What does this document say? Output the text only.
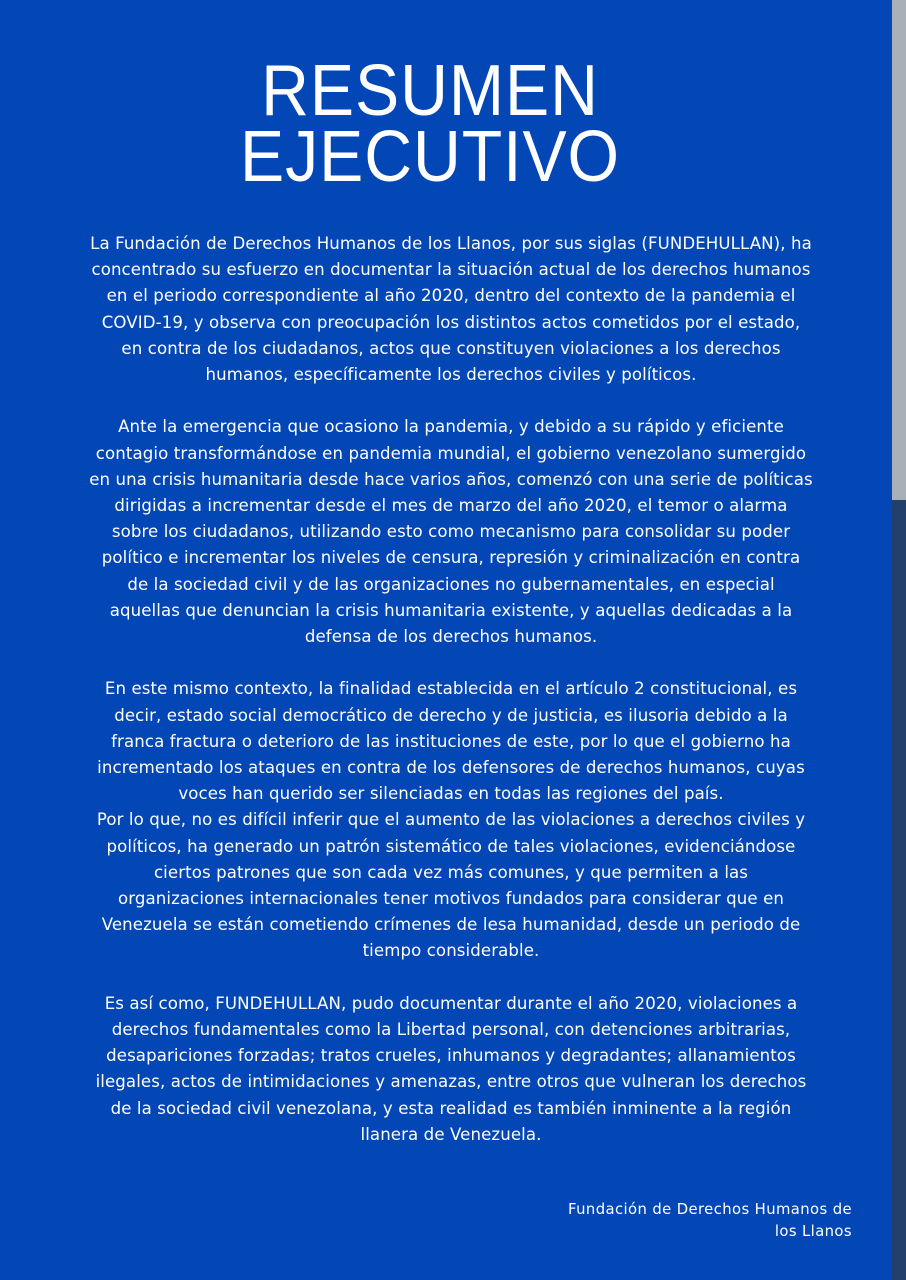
RESUMEN
EJECUTIVO

La Fundación de Derechos Humanos de los Llanos, por sus siglas (FUNDEHULLAN), ha
concentrado su esfuerzo en documentar la situación actual de los derechos humanos
en el periodo correspondiente al año 2020, dentro del contexto de la pandemia el
COVID-19, y observa con preocupación los distintos actos cometidos por el estado,
en contra de los ciudadanos, actos que constituyen violaciones a los derechos
humanos, específicamente los derechos civiles y políticos.

Ante la emergencia que ocasiono la pandemia, y debido a su rápido y eficiente
contagio transformándose en pandemia mundial, el gobierno venezolano sumergido
en una crisis humanitaria desde hace varios años, comenzó con una serie de políticas
dirigidas a incrementar desde el mes de marzo del año 2020, el temor o alarma
sobre los ciudadanos, utilizando esto como mecanismo para consolidar su poder
político e incrementar los niveles de censura, represión y criminalización en contra
de la sociedad civil y de las organizaciones no gubernamentales, en especial
aquellas que denuncian la crisis humanitaria existente, y aquellas dedicadas a la
defensa de los derechos humanos.

En este mismo contexto, la finalidad establecida en el artículo 2 constitucional, es
decir, estado social democrático de derecho y de justicia, es ilusoria debido a la
franca fractura o deterioro de las instituciones de este, por lo que el gobierno ha
incrementado los ataques en contra de los defensores de derechos humanos, cuyas
voces han querido ser silenciadas en todas las regiones del país.

Por lo que, no es difícil inferir que el aumento de las violaciones a derechos civiles y
políticos, ha generado un patrón sistemático de tales violaciones, evidenciándose
ciertos patrones que son cada vez más comunes, y que permiten a las
organizaciones internacionales tener motivos fundados para considerar que en
Venezuela se están cometiendo crímenes de lesa humanidad, desde un periodo de
tiempo considerable.

Es así como, FUNDEHULLAN, pudo documentar durante el año 2020, violaciones a
derechos fundamentales como la Libertad personal, con detenciones arbitrarias,
desapariciones forzadas; tratos crueles, inhumanos y degradantes; allanamientos
ilegales, actos de intimidaciones y amenazas, entre otros que vulneran los derechos
de la sociedad civil venezolana, y esta realidad es también inminente a la región
llanera de Venezuela.

Fundación de Derechos Humanos de
los Llanos
